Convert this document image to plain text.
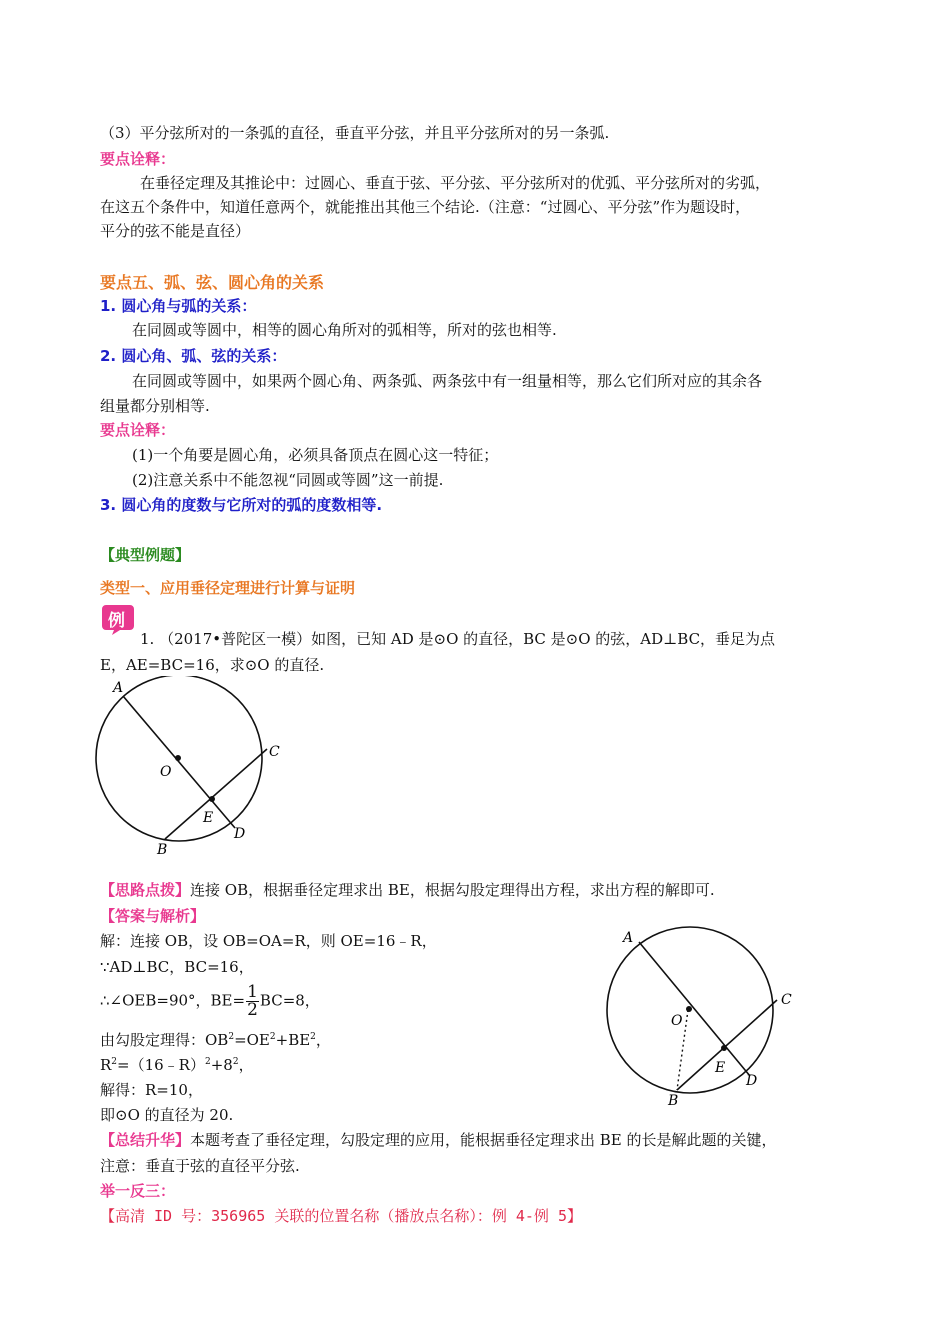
（3）平分弦所对的一条弧的直径，垂直平分弦，并且平分弦所对的另一条弧.
要点诠释：
在垂径定理及其推论中：过圆心、垂直于弦、平分弦、平分弦所对的优弧、平分弦所对的劣弧，
在这五个条件中，知道任意两个，就能推出其他三个结论.（注意：“过圆心、平分弦”作为题设时，
平分的弦不能是直径）
要点五、弧、弦、圆心角的关系
1. 圆心角与弧的关系：
在同圆或等圆中，相等的圆心角所对的弧相等，所对的弦也相等.
2. 圆心角、弧、弦的关系：
在同圆或等圆中，如果两个圆心角、两条弧、两条弦中有一组量相等，那么它们所对应的其余各
组量都分别相等.
要点诠释：
(1)一个角要是圆心角，必须具备顶点在圆心这一特征；
(2)注意关系中不能忽视“同圆或等圆”这一前提.
3. 圆心角的度数与它所对的弧的度数相等.
【典型例题】
类型一、应用垂径定理进行计算与证明
例
1. （2017•普陀区一模）如图，已知 AD 是⊙O 的直径，BC 是⊙O 的弦，AD⊥BC，垂足为点
E，AE=BC=16，求⊙O 的直径.
A
O
C
E
D
B
【思路点拨】连接 OB，根据垂径定理求出 BE，根据勾股定理得出方程，求出方程的解即可.
【答案与解析】
解：连接 OB，设 OB=OA=R，则 OE=16﹣R，
∵AD⊥BC，BC=16，
∴∠OEB=90°，$BE= \frac{1}{2} BC=8$，
由勾股定理得：$OB^2=OE^2+BE^2$，
$R^2=(16﹣R)^2+8^2$，
解得：R=10，
即⊙O 的直径为 20.
A
O
C
E
D
B
【总结升华】本题考查了垂径定理，勾股定理的应用，能根据垂径定理求出 BE 的长是解此题的关键，
注意：垂直于弦的直径平分弦.
举一反三：
【高清 ID 号：356965 关联的位置名称（播放点名称）：例 4-例 5】
